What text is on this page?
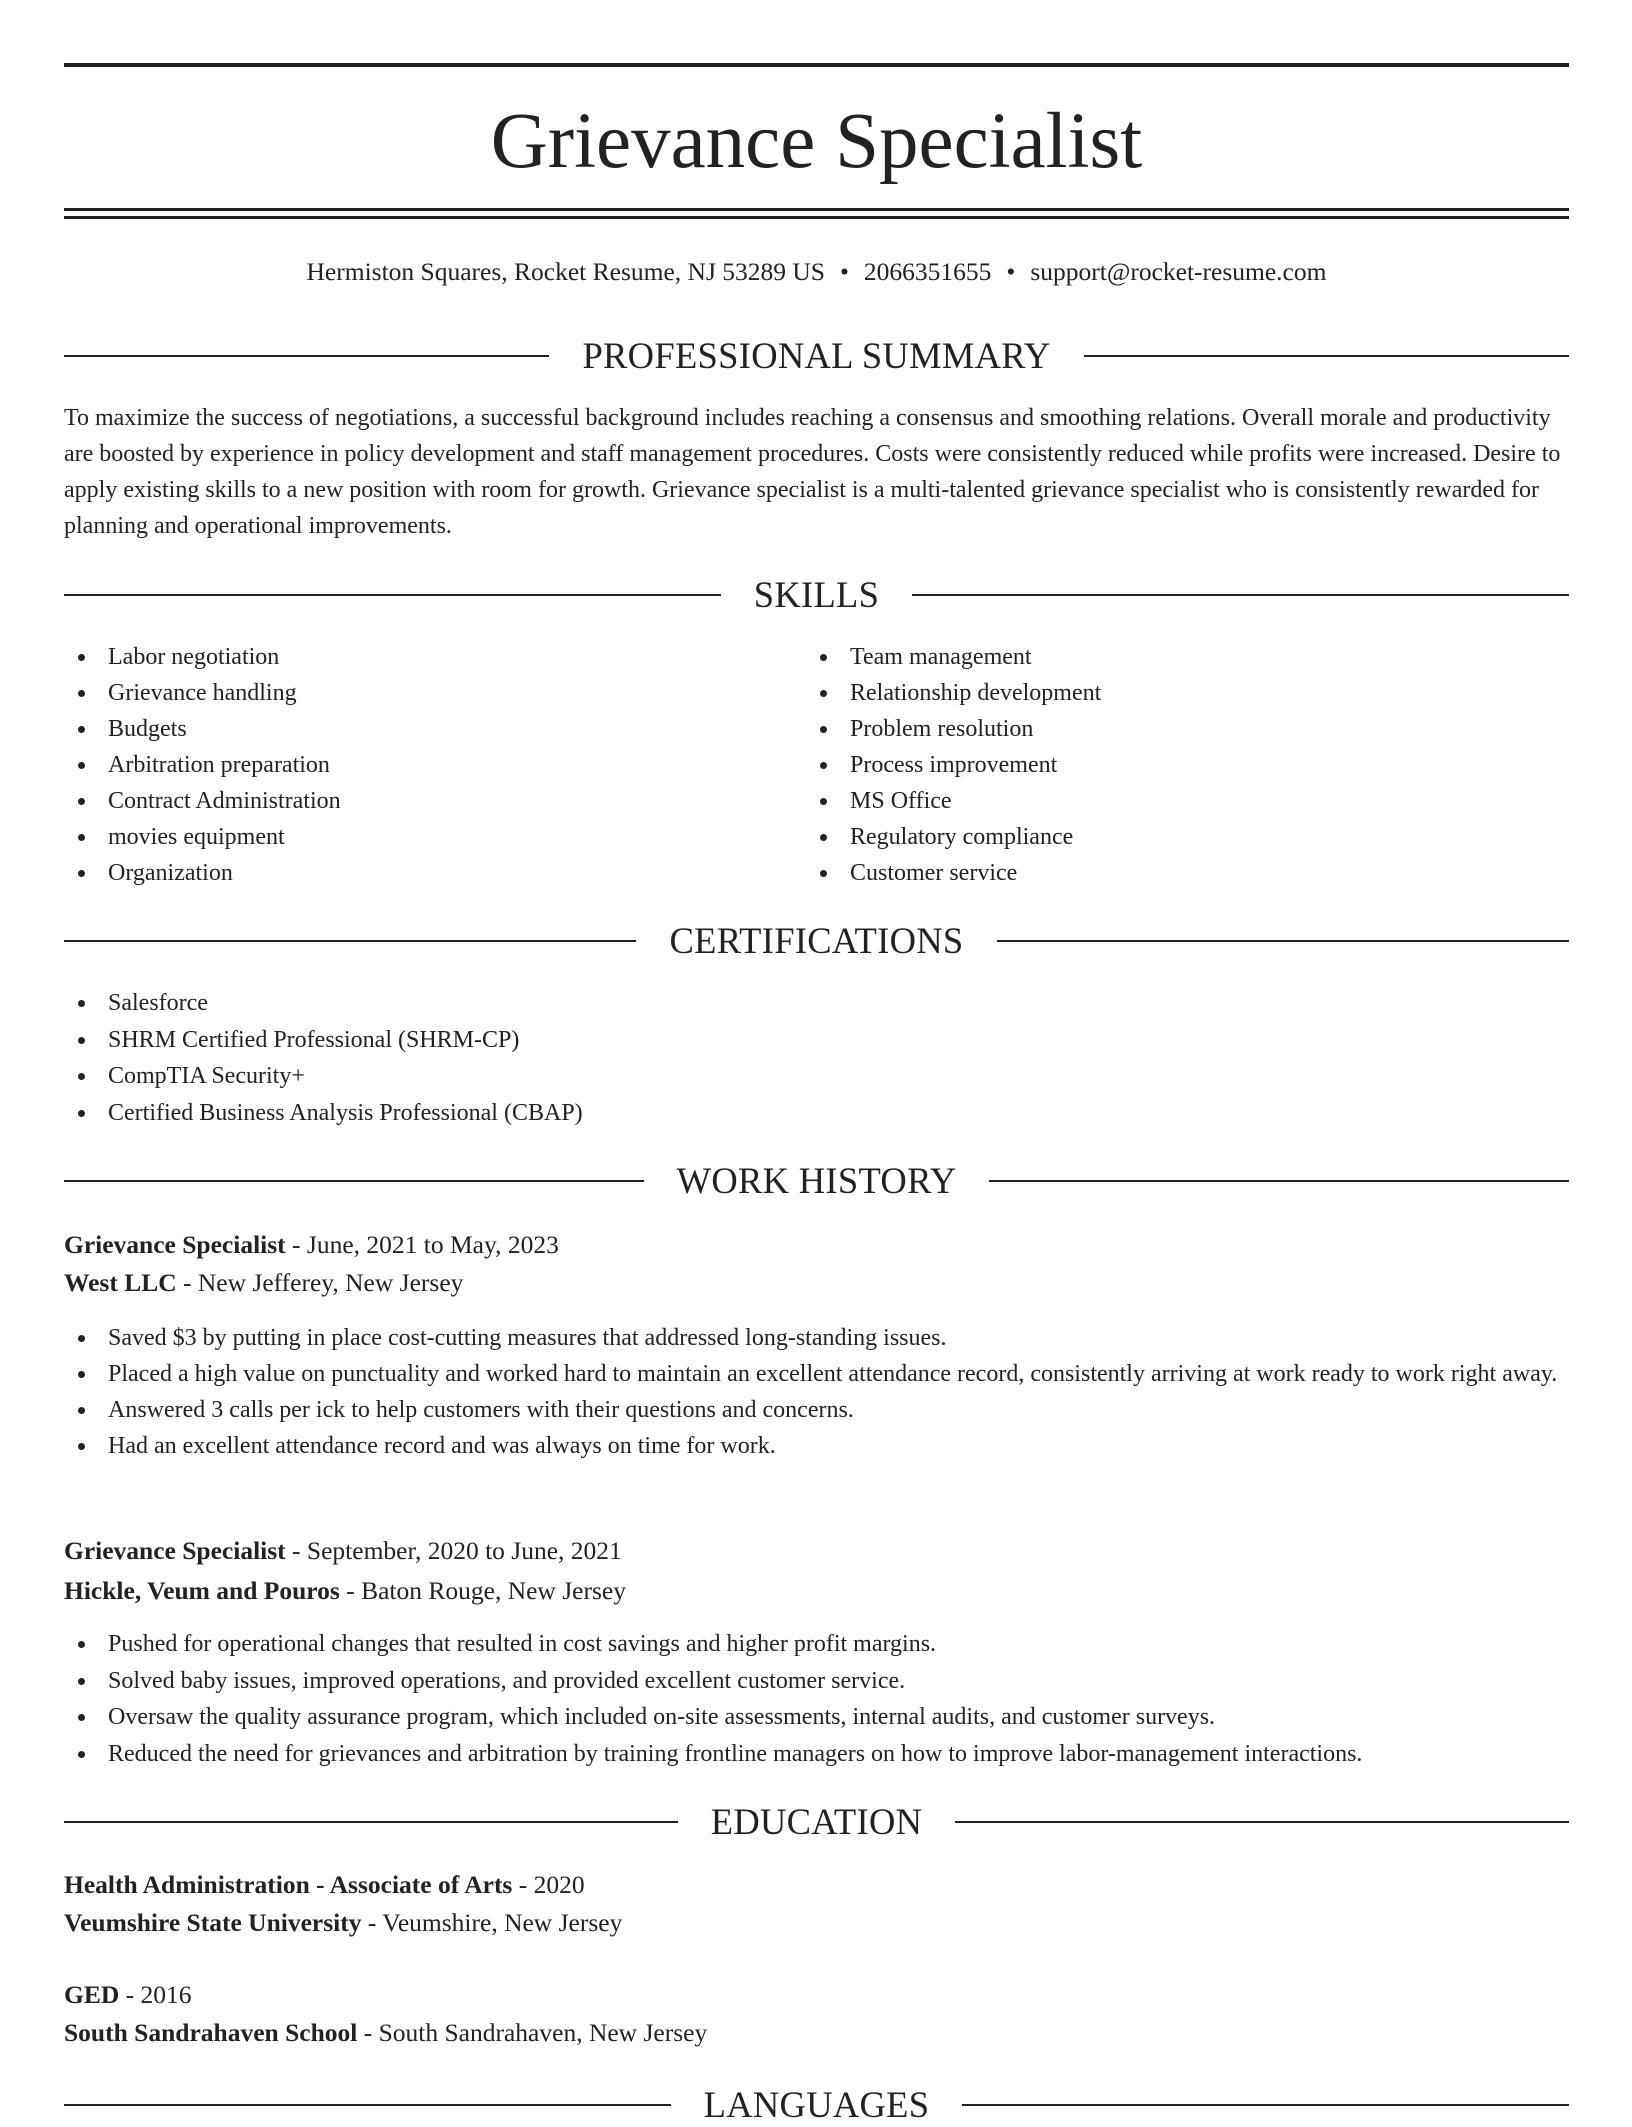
Grievance Specialist
Hermiston Squares, Rocket Resume, NJ 53289 US • 2066351655 • support@rocket-resume.com
PROFESSIONAL SUMMARY
To maximize the success of negotiations, a successful background includes reaching a consensus and smoothing relations. Overall morale and productivity are boosted by experience in policy development and staff management procedures. Costs were consistently reduced while profits were increased. Desire to apply existing skills to a new position with room for growth. Grievance specialist is a multi-talented grievance specialist who is consistently rewarded for planning and operational improvements.
SKILLS
Labor negotiation
Grievance handling
Budgets
Arbitration preparation
Contract Administration
movies equipment
Organization
Team management
Relationship development
Problem resolution
Process improvement
MS Office
Regulatory compliance
Customer service
CERTIFICATIONS
Salesforce
SHRM Certified Professional (SHRM-CP)
CompTIA Security+
Certified Business Analysis Professional (CBAP)
WORK HISTORY
Grievance Specialist - June, 2021 to May, 2023
West LLC - New Jefferey, New Jersey
Saved $3 by putting in place cost-cutting measures that addressed long-standing issues.
Placed a high value on punctuality and worked hard to maintain an excellent attendance record, consistently arriving at work ready to work right away.
Answered 3 calls per ick to help customers with their questions and concerns.
Had an excellent attendance record and was always on time for work.
Grievance Specialist - September, 2020 to June, 2021
Hickle, Veum and Pouros - Baton Rouge, New Jersey
Pushed for operational changes that resulted in cost savings and higher profit margins.
Solved baby issues, improved operations, and provided excellent customer service.
Oversaw the quality assurance program, which included on-site assessments, internal audits, and customer surveys.
Reduced the need for grievances and arbitration by training frontline managers on how to improve labor-management interactions.
EDUCATION
Health Administration - Associate of Arts - 2020
Veumshire State University - Veumshire, New Jersey
GED - 2016
South Sandrahaven School - South Sandrahaven, New Jersey
LANGUAGES
